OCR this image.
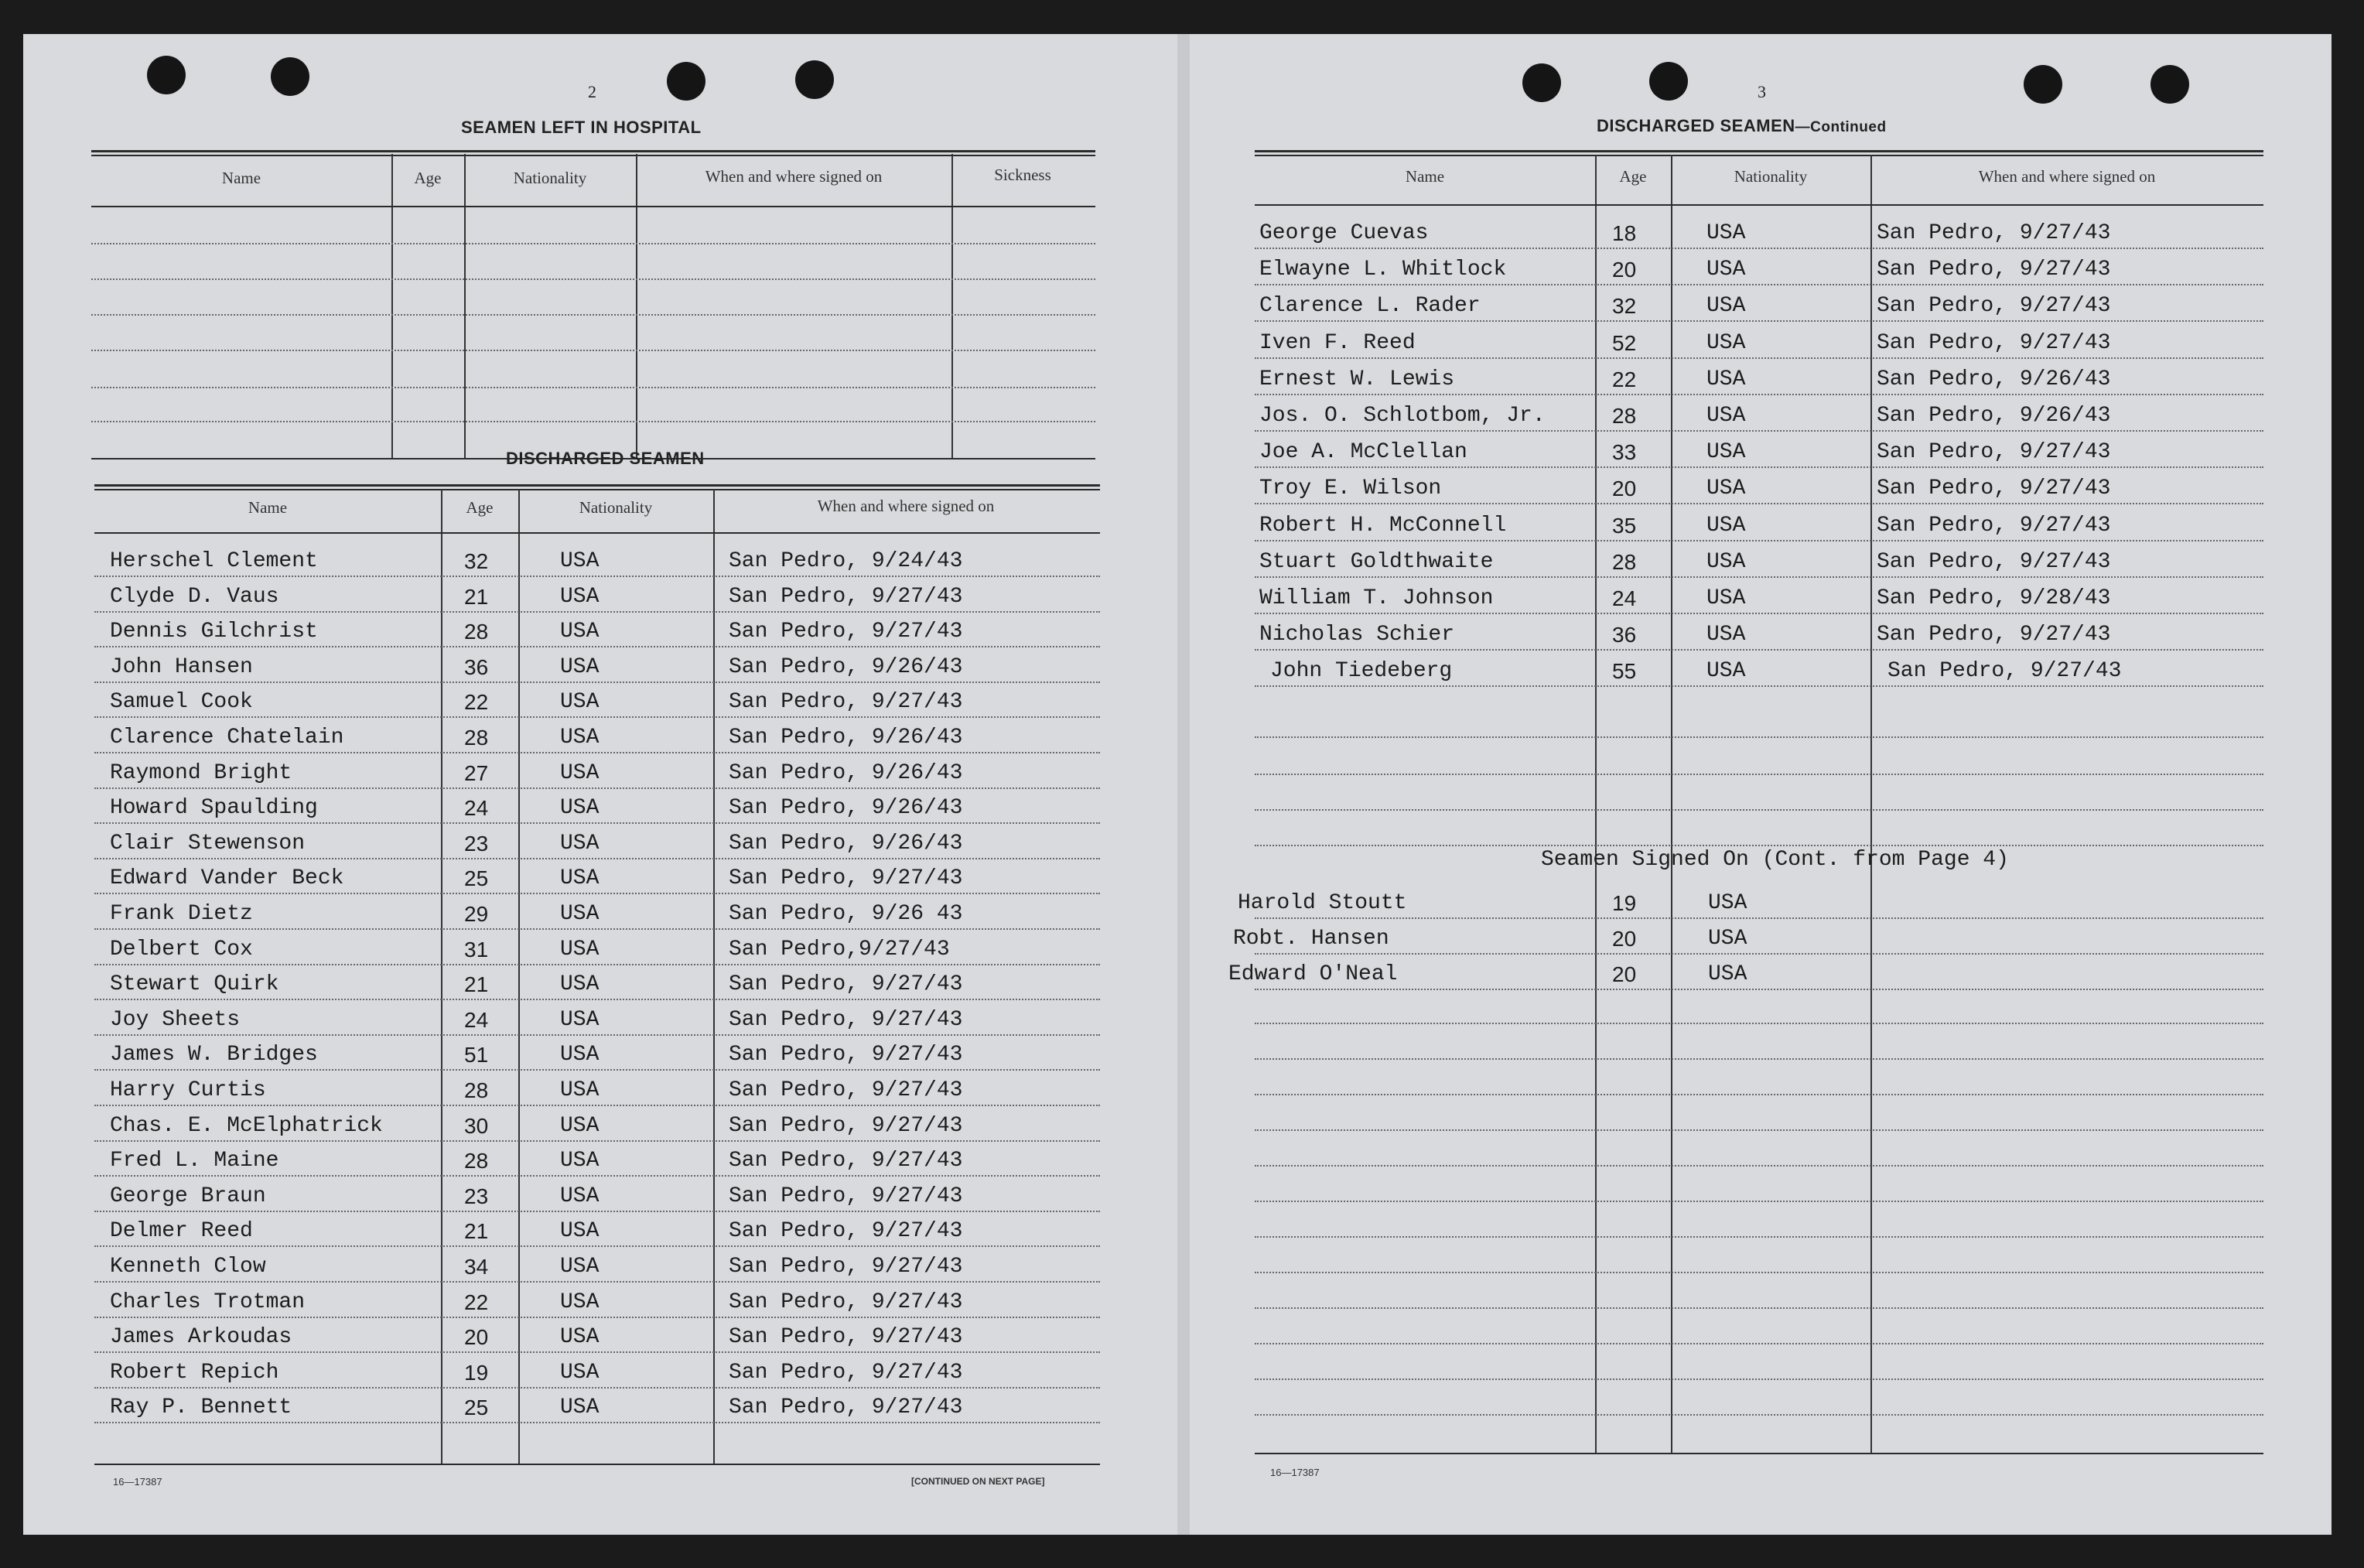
2
SEAMEN LEFT IN HOSPITAL
Name	Age	Nationality	When and where signed on	Sickness
DISCHARGED SEAMEN
Name	Age	Nationality	When and where signed on
Herschel Clement	32	USA	San Pedro, 9/24/43
Clyde D. Vaus	21	USA	San Pedro, 9/27/43
Dennis Gilchrist	28	USA	San Pedro, 9/27/43
John Hansen	36	USA	San Pedro, 9/26/43
Samuel Cook	22	USA	San Pedro, 9/27/43
Clarence Chatelain	28	USA	San Pedro, 9/26/43
Raymond Bright	27	USA	San Pedro, 9/26/43
Howard Spaulding	24	USA	San Pedro, 9/26/43
Clair Stewenson	23	USA	San Pedro, 9/26/43
Edward Vander Beck	25	USA	San Pedro, 9/27/43
Frank Dietz	29	USA	San Pedro, 9/26 43
Delbert Cox	31	USA	San Pedro,9/27/43
Stewart Quirk	21	USA	San Pedro, 9/27/43
Joy Sheets	24	USA	San Pedro, 9/27/43
James W. Bridges	51	USA	San Pedro, 9/27/43
Harry Curtis	28	USA	San Pedro, 9/27/43
Chas. E. McElphatrick	30	USA	San Pedro, 9/27/43
Fred L. Maine	28	USA	San Pedro, 9/27/43
George Braun	23	USA	San Pedro, 9/27/43
Delmer Reed	21	USA	San Pedro, 9/27/43
Kenneth Clow	34	USA	San Pedro, 9/27/43
Charles Trotman	22	USA	San Pedro, 9/27/43
James Arkoudas	20	USA	San Pedro, 9/27/43
Robert Repich	19	USA	San Pedro, 9/27/43
Ray P. Bennett	25	USA	San Pedro, 9/27/43
16—17387	[CONTINUED ON NEXT PAGE]
3
DISCHARGED SEAMEN—Continued
Name	Age	Nationality	When and where signed on
George Cuevas	18	USA	San Pedro, 9/27/43
Elwayne L. Whitlock	20	USA	San Pedro, 9/27/43
Clarence L. Rader	32	USA	San Pedro, 9/27/43
Iven F. Reed	52	USA	San Pedro, 9/27/43
Ernest W. Lewis	22	USA	San Pedro, 9/26/43
Jos. O. Schlotbom, Jr.	28	USA	San Pedro, 9/26/43
Joe A. McClellan	33	USA	San Pedro, 9/27/43
Troy E. Wilson	20	USA	San Pedro, 9/27/43
Robert H. McConnell	35	USA	San Pedro, 9/27/43
Stuart Goldthwaite	28	USA	San Pedro, 9/27/43
William T. Johnson	24	USA	San Pedro, 9/28/43
Nicholas Schier	36	USA	San Pedro, 9/27/43
John Tiedeberg	55	USA	San Pedro, 9/27/43
Seamen Signed On (Cont. from Page 4)
Harold Stoutt	19	USA
Robt. Hansen	20	USA
Edward O'Neal	20	USA
16—17387
